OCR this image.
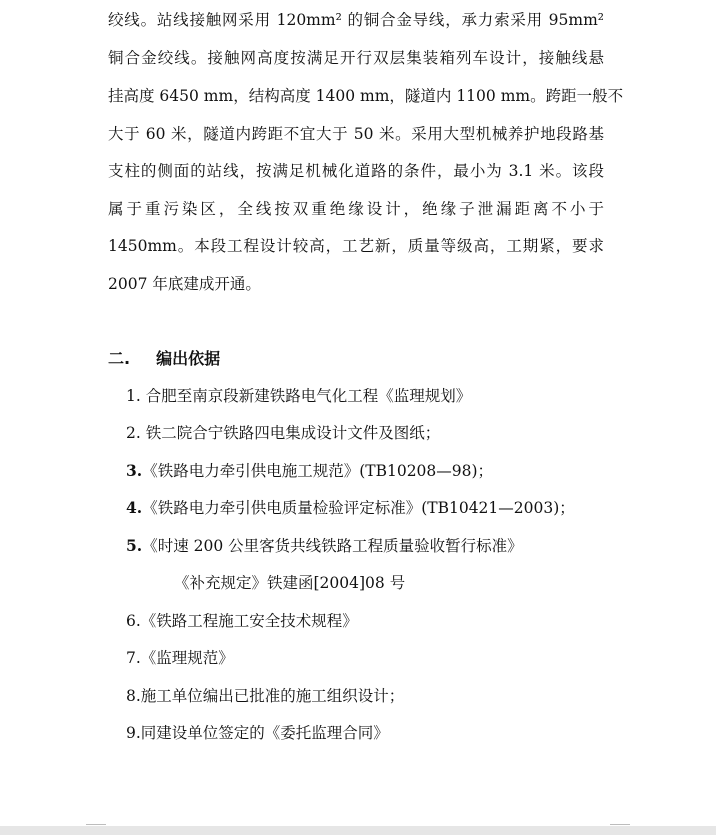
绞线。站线接触网采用 120mm² 的铜合金导线，承力索采用 95mm²
铜合金绞线。接触网高度按满足开行双层集装箱列车设计，接触线悬
挂高度 6450 mm，结构高度 1400 mm，隧道内 1100 mm。跨距一般不
大于 60 米，隧道内跨距不宜大于 50 米。采用大型机械养护地段路基
支柱的侧面的站线，按满足机械化道路的条件，最小为 3.1 米。该段
属于重污染区，全线按双重绝缘设计，绝缘子泄漏距离不小于
1450mm。本段工程设计较高，工艺新，质量等级高，工期紧，要求
2007 年底建成开通。
二. 编出依据
1. 合肥至南京段新建铁路电气化工程《监理规划》
2. 铁二院合宁铁路四电集成设计文件及图纸；
3.《铁路电力牵引供电施工规范》(TB10208—98)；
4.《铁路电力牵引供电质量检验评定标准》(TB10421—2003)；
5.《时速 200 公里客货共线铁路工程质量验收暂行标准》
《补充规定》铁建函[2004]08 号
6.《铁路工程施工安全技术规程》
7.《监理规范》
8.施工单位编出已批准的施工组织设计；
9.同建设单位签定的《委托监理合同》
